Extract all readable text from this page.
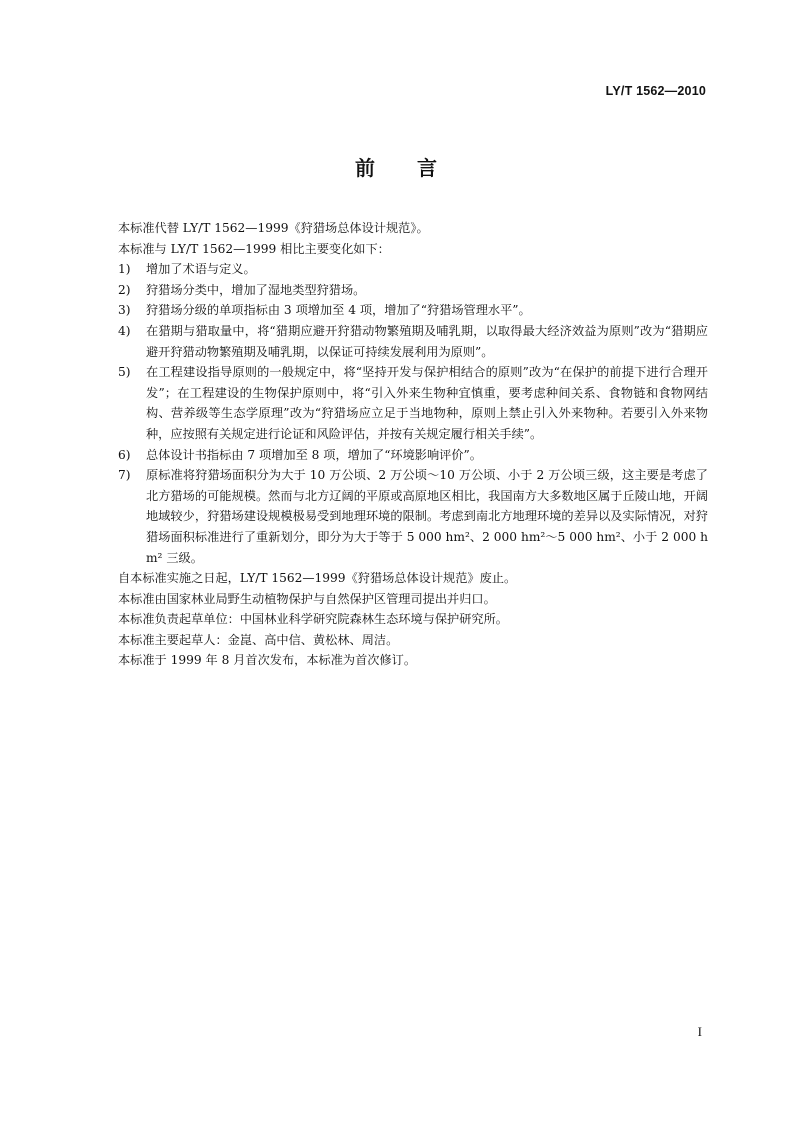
LY/T 1562—2010
前 言

本标准代替 LY/T 1562—1999《狩猎场总体设计规范》。

本标准与 LY/T 1562—1999 相比主要变化如下：

1)	增加了术语与定义。
2)	狩猎场分类中，增加了湿地类型狩猎场。
3)	狩猎场分级的单项指标由 3 项增加至 4 项，增加了“狩猎场管理水平”。
4)	在猎期与猎取量中，将“猎期应避开狩猎动物繁殖期及哺乳期，以取得最大经济效益为原则”改为“猎期应避开狩猎动物繁殖期及哺乳期，以保证可持续发展利用为原则”。
5)	在工程建设指导原则的一般规定中，将“坚持开发与保护相结合的原则”改为“在保护的前提下进行合理开发”；在工程建设的生物保护原则中，将“引入外来生物种宜慎重，要考虑种间关系、食物链和食物网结构、营养级等生态学原理”改为“狩猎场应立足于当地物种，原则上禁止引入外来物种。若要引入外来物种，应按照有关规定进行论证和风险评估，并按有关规定履行相关手续”。
6)	总体设计书指标由 7 项增加至 8 项，增加了“环境影响评价”。
7)	原标准将狩猎场面积分为大于 10 万公顷、2 万公顷～10 万公顷、小于 2 万公顷三级，这主要是考虑了北方猎场的可能规模。然而与北方辽阔的平原或高原地区相比，我国南方大多数地区属于丘陵山地，开阔地域较少，狩猎场建设规模极易受到地理环境的限制。考虑到南北方地理环境的差异以及实际情况，对狩猎场面积标准进行了重新划分，即分为大于等于 5 000 hm²、2 000 hm²～5 000 hm²、小于 2 000 hm² 三级。

自本标准实施之日起，LY/T 1562—1999《狩猎场总体设计规范》废止。

本标准由国家林业局野生动植物保护与自然保护区管理司提出并归口。

本标准负责起草单位：中国林业科学研究院森林生态环境与保护研究所。

本标准主要起草人：金崑、高中信、黄松林、周洁。

本标准于 1999 年 8 月首次发布，本标准为首次修订。

I
